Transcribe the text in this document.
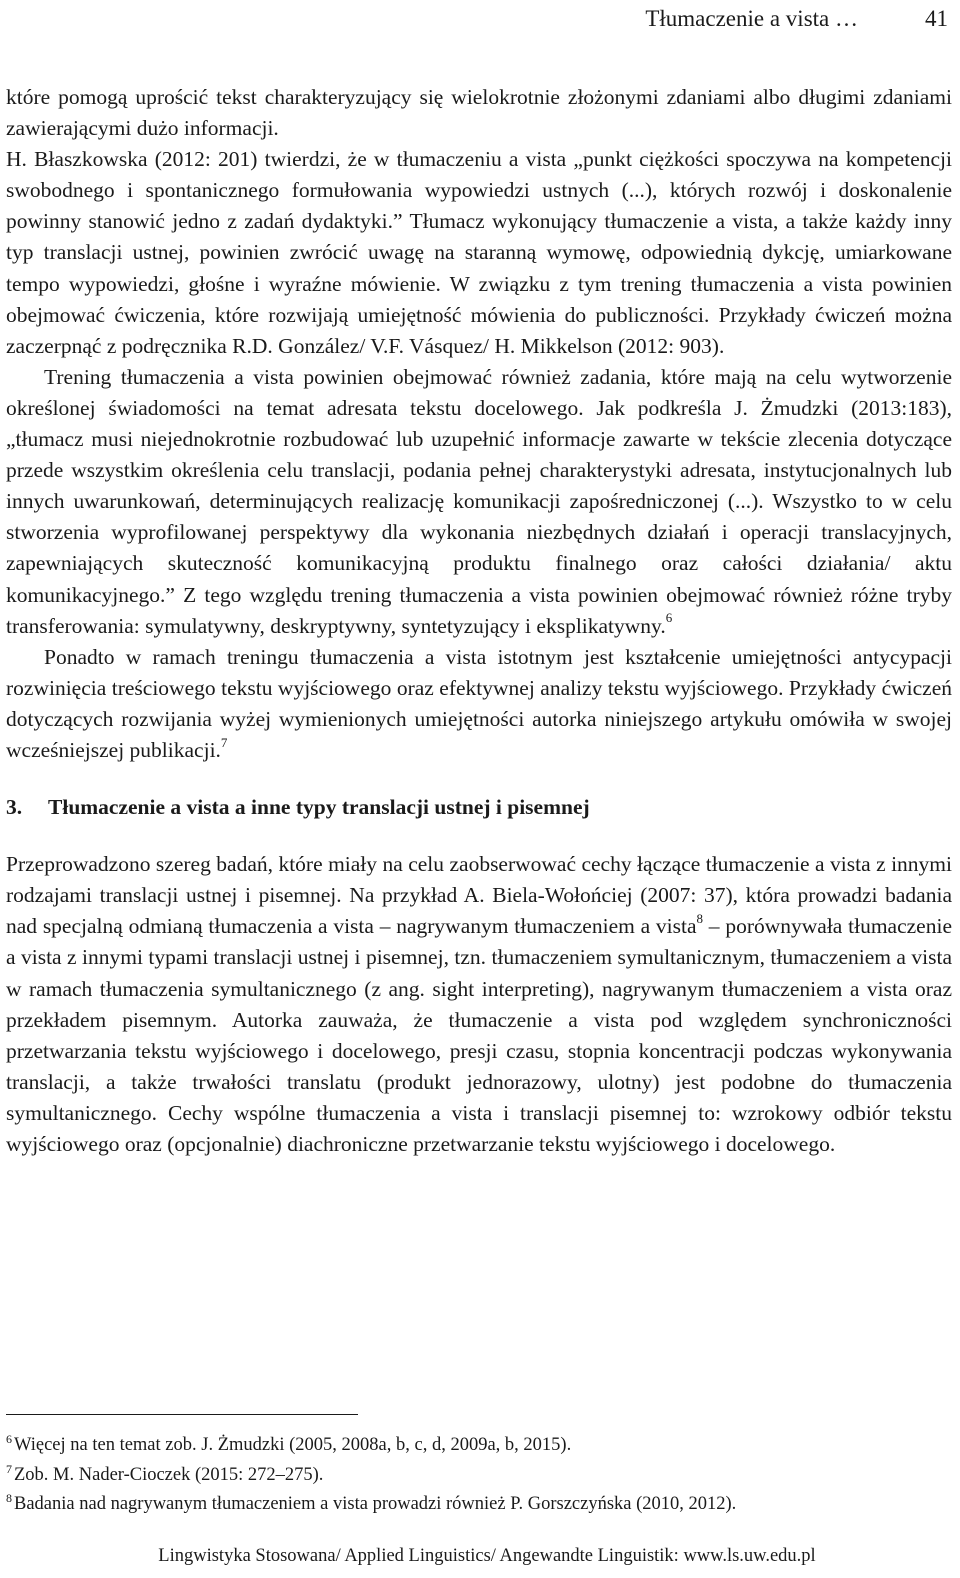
Tłumaczenie a vista …	41

które pomogą uprościć tekst charakteryzujący się wielokrotnie złożonymi zdaniami albo długimi zdaniami zawierającymi dużo informacji.

H. Błaszkowska (2012: 201) twierdzi, że w tłumaczeniu a vista „punkt ciężkości spoczywa na kompetencji swobodnego i spontanicznego formułowania wypowiedzi ustnych (...), których rozwój i doskonalenie powinny stanowić jedno z zadań dydaktyki.” Tłumacz wykonujący tłumaczenie a vista, a także każdy inny typ translacji ustnej, powinien zwrócić uwagę na staranną wymowę, odpowiednią dykcję, umiarkowane tempo wypowiedzi, głośne i wyraźne mówienie. W związku z tym trening tłumaczenia a vista powinien obejmować ćwiczenia, które rozwijają umiejętność mówienia do publiczności. Przykłady ćwiczeń można zaczerpnąć z podręcznika R.D. González/ V.F. Vásquez/ H. Mikkelson (2012: 903).

Trening tłumaczenia a vista powinien obejmować również zadania, które mają na celu wytworzenie określonej świadomości na temat adresata tekstu docelowego. Jak podkreśla J. Żmudzki (2013:183), „tłumacz musi niejednokrotnie rozbudować lub uzupełnić informacje zawarte w tekście zlecenia dotyczące przede wszystkim określenia celu translacji, podania pełnej charakterystyki adresata, instytucjonalnych lub innych uwarunkowań, determinujących realizację komunikacji zapośredniczonej (...). Wszystko to w celu stworzenia wyprofilowanej perspektywy dla wykonania niezbędnych działań i operacji translacyjnych, zapewniających skuteczność komunikacyjną produktu finalnego oraz całości działania/ aktu komunikacyjnego.” Z tego względu trening tłumaczenia a vista powinien obejmować również różne tryby transferowania: symulatywny, deskryptywny, syntetyzujący i eksplikatywny.$^6$

Ponadto w ramach treningu tłumaczenia a vista istotnym jest kształcenie umiejętności antycypacji rozwinięcia treściowego tekstu wyjściowego oraz efektywnej analizy tekstu wyjściowego. Przykłady ćwiczeń dotyczących rozwijania wyżej wymienionych umiejętności autorka niniejszego artykułu omówiła w swojej wcześniejszej publikacji.$^7$

3.	Tłumaczenie a vista a inne typy translacji ustnej i pisemnej

Przeprowadzono szereg badań, które miały na celu zaobserwować cechy łączące tłumaczenie a vista z innymi rodzajami translacji ustnej i pisemnej. Na przykład A. Biela-Wołońciej (2007: 37), która prowadzi badania nad specjalną odmianą tłumaczenia a vista – nagrywanym tłumaczeniem a vista$^8$ – porównywała tłumaczenie a vista z innymi typami translacji ustnej i pisemnej, tzn. tłumaczeniem symultanicznym, tłumaczeniem a vista w ramach tłumaczenia symultanicznego (z ang. sight interpreting), nagrywanym tłumaczeniem a vista oraz przekładem pisemnym. Autorka zauważa, że tłumaczenie a vista pod względem synchroniczności przetwarzania tekstu wyjściowego i docelowego, presji czasu, stopnia koncentracji podczas wykonywania translacji, a także trwałości translatu (produkt jednorazowy, ulotny) jest podobne do tłumaczenia symultanicznego. Cechy wspólne tłumaczenia a vista i translacji pisemnej to: wzrokowy odbiór tekstu wyjściowego oraz (opcjonalnie) diachroniczne przetwarzanie tekstu wyjściowego i docelowego.

$^6$ Więcej na ten temat zob. J. Żmudzki (2005, 2008a, b, c, d, 2009a, b, 2015).
$^7$ Zob. M. Nader-Cioczek (2015: 272–275).
$^8$ Badania nad nagrywanym tłumaczeniem a vista prowadzi również P. Gorszczyńska (2010, 2012).
Lingwistyka Stosowana/ Applied Linguistics/ Angewandte Linguistik: www.ls.uw.edu.pl
